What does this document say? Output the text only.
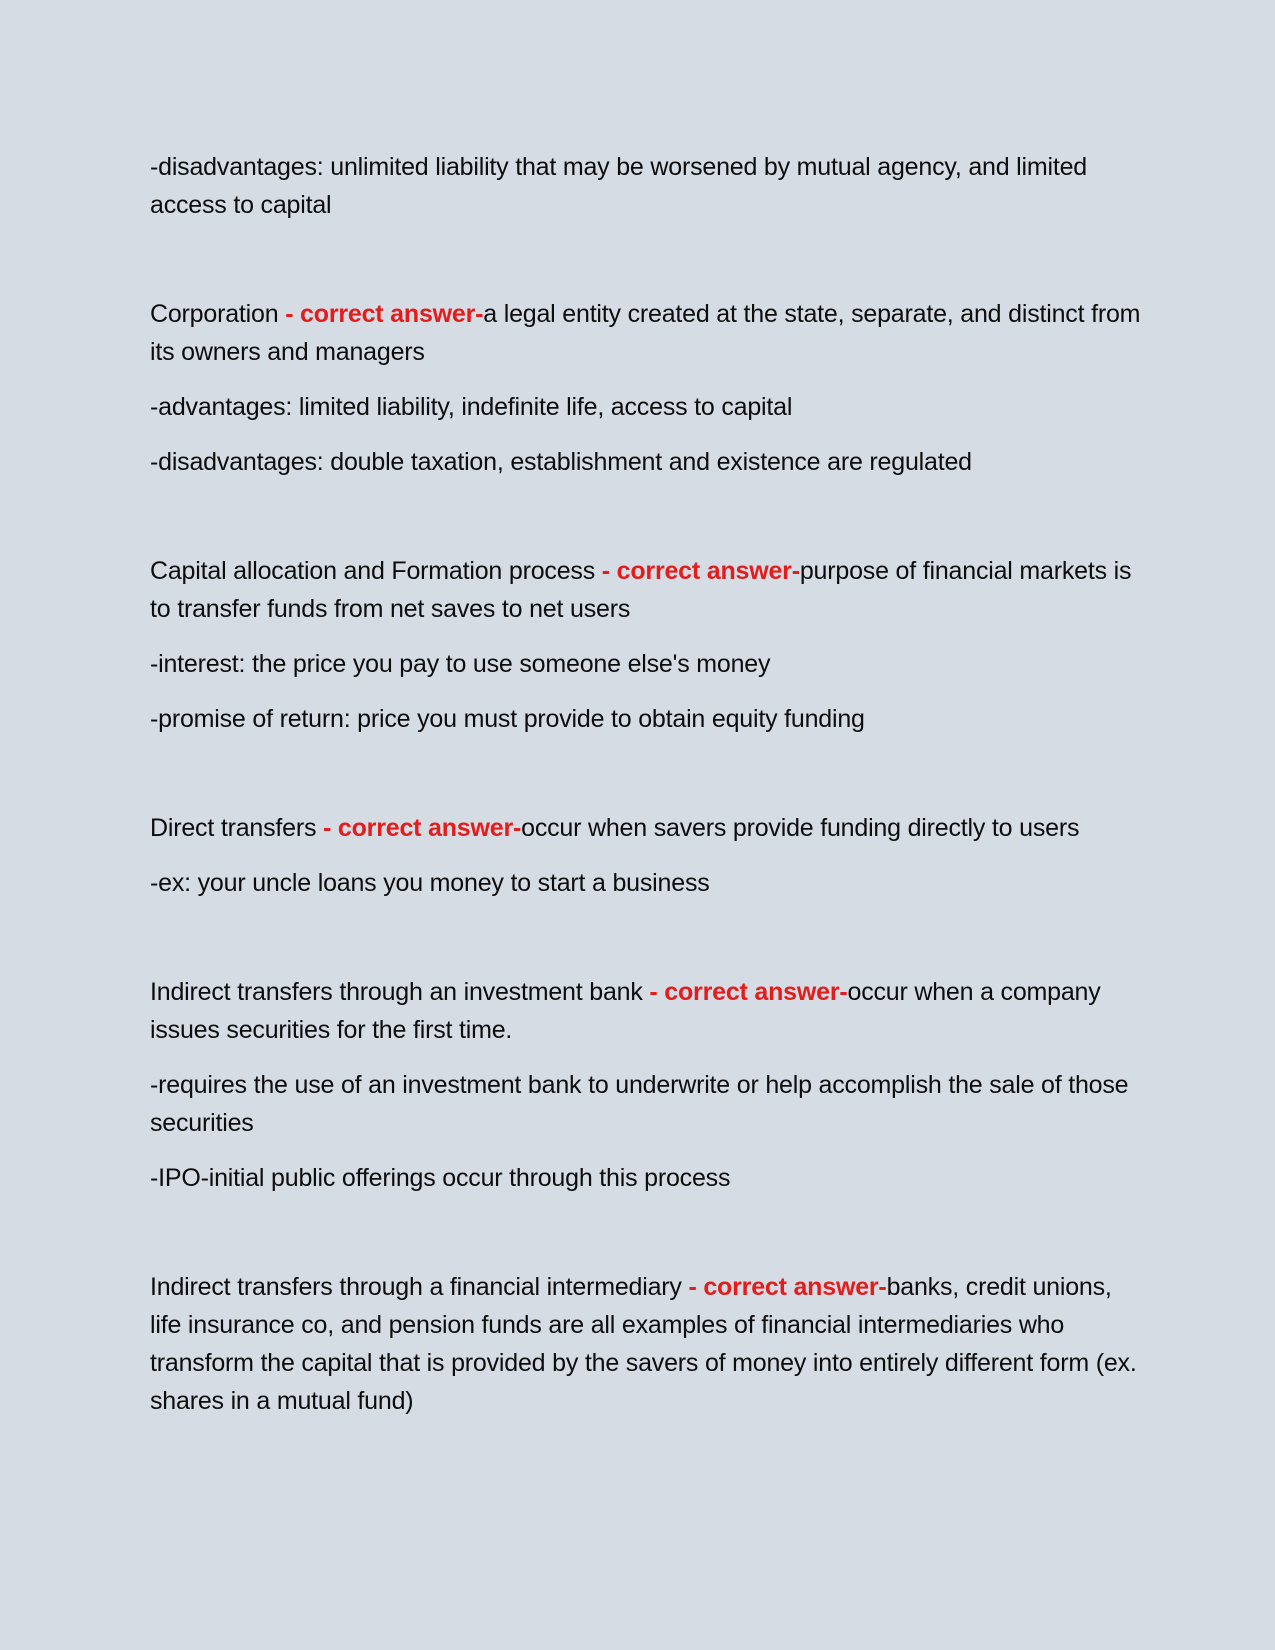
-disadvantages: unlimited liability that may be worsened by mutual agency, and limited access to capital

Corporation - correct answer-a legal entity created at the state, separate, and distinct from its owners and managers

-advantages: limited liability, indefinite life, access to capital

-disadvantages: double taxation, establishment and existence are regulated

Capital allocation and Formation process - correct answer-purpose of financial markets is to transfer funds from net saves to net users

-interest: the price you pay to use someone else's money

-promise of return: price you must provide to obtain equity funding

Direct transfers - correct answer-occur when savers provide funding directly to users

-ex: your uncle loans you money to start a business

Indirect transfers through an investment bank - correct answer-occur when a company issues securities for the first time.

-requires the use of an investment bank to underwrite or help accomplish the sale of those securities

-IPO-initial public offerings occur through this process

Indirect transfers through a financial intermediary - correct answer-banks, credit unions, life insurance co, and pension funds are all examples of financial intermediaries who transform the capital that is provided by the savers of money into entirely different form (ex. shares in a mutual fund)
